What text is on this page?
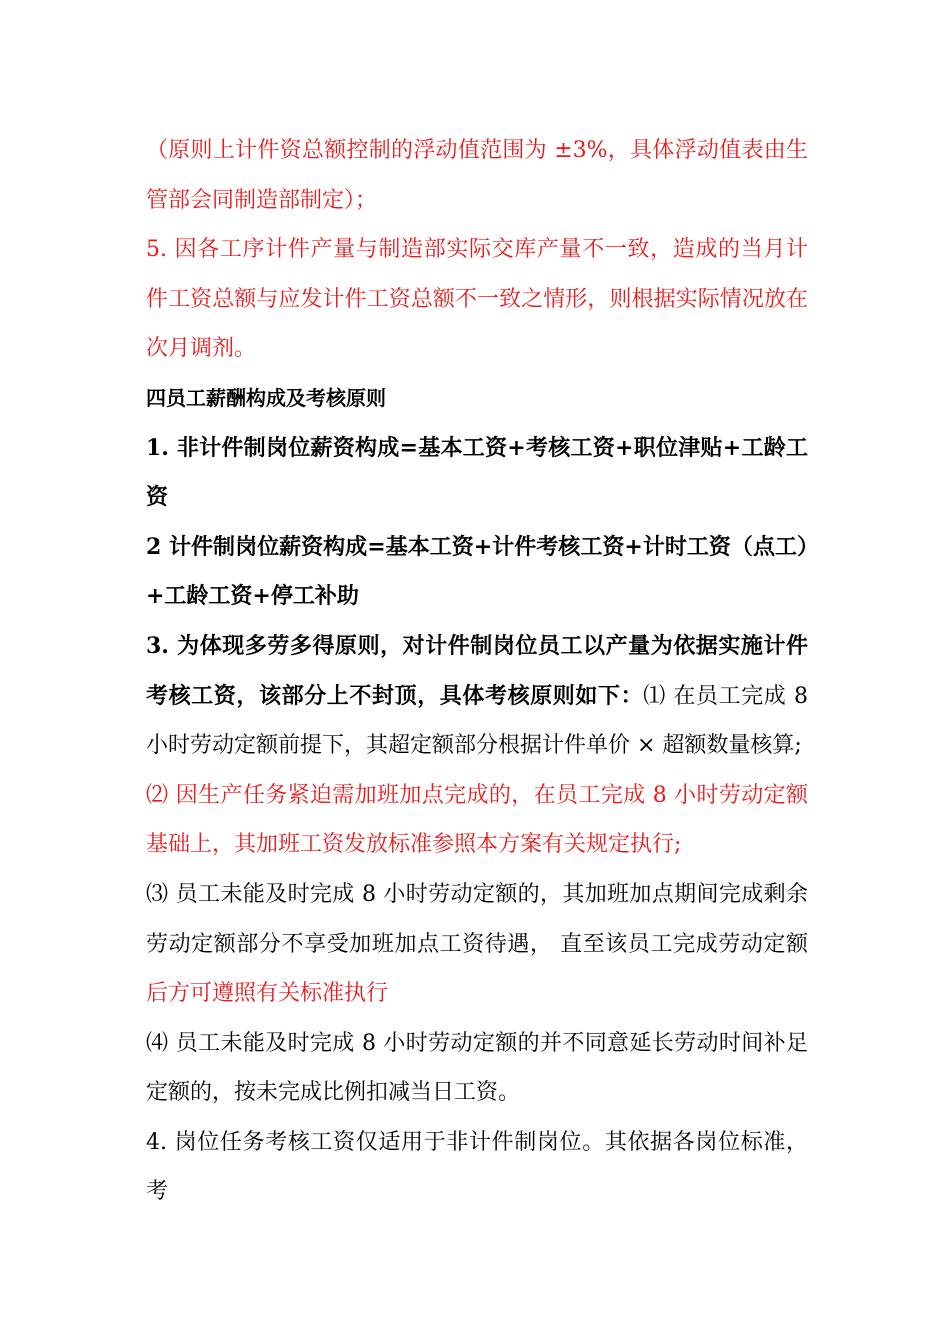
（原则上计件资总额控制的浮动值范围为 ±3%，具体浮动值表由生管部会同制造部制定）；

5. 因各工序计件产量与制造部实际交库产量不一致，造成的当月计件工资总额与应发计件工资总额不一致之情形，则根据实际情况放在次月调剂。

四员工薪酬构成及考核原则

1. 非计件制岗位薪资构成=基本工资+考核工资+职位津贴+工龄工资

2 计件制岗位薪资构成=基本工资+计件考核工资+计时工资（点工）+工龄工资+停工补助

3. 为体现多劳多得原则，对计件制岗位员工以产量为依据实施计件考核工资，该部分上不封顶，具体考核原则如下：⑴ 在员工完成 8 小时劳动定额前提下，其超定额部分根据计件单价 × 超额数量核算;

⑵ 因生产任务紧迫需加班加点完成的，在员工完成 8 小时劳动定额基础上，其加班工资发放标准参照本方案有关规定执行;

⑶ 员工未能及时完成 8 小时劳动定额的，其加班加点期间完成剩余劳动定额部分不享受加班加点工资待遇， 直至该员工完成劳动定额后方可遵照有关标准执行

⑷ 员工未能及时完成 8 小时劳动定额的并不同意延长劳动时间补足定额的，按未完成比例扣减当日工资。

4. 岗位任务考核工资仅适用于非计件制岗位。其依据各岗位标准，考
